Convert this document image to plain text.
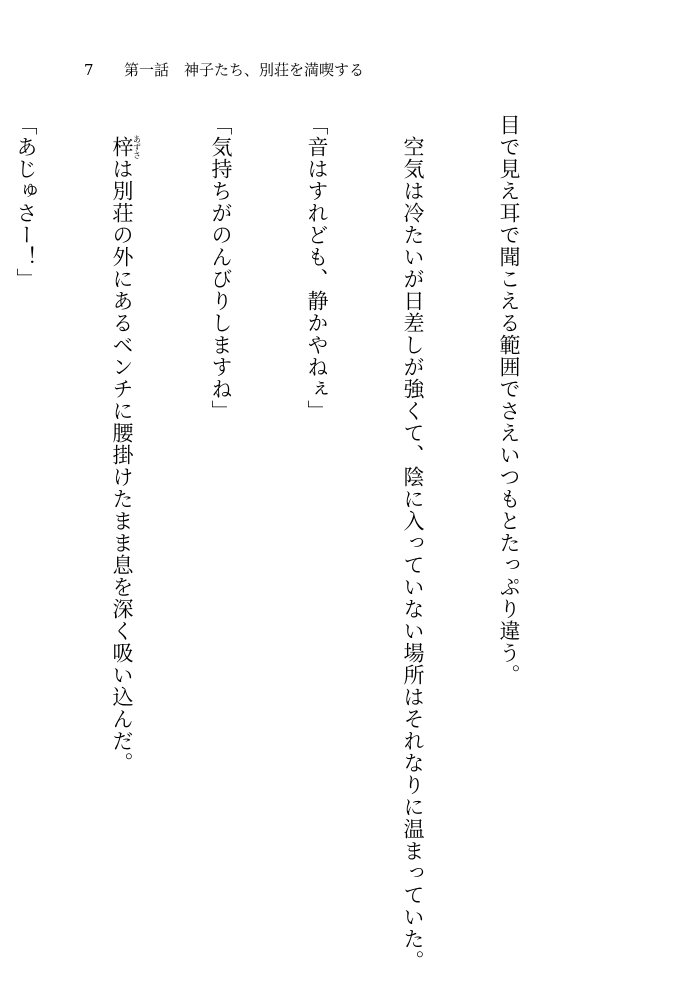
7 第一話　神子たち、別荘を満喫する

目で見え耳で聞こえる範囲でさえいつもとたっぷり違う。

　空気は冷たいが日差しが強くて、陰に入っていない場所はそれなりに温まっていた。

「音はすれども、静かやねぇ」

「気持ちがのんびりしますね」

　梓あずさは別荘の外にあるベンチに腰掛けたまま息を深く吸い込んだ。

「あじゅさー！」
